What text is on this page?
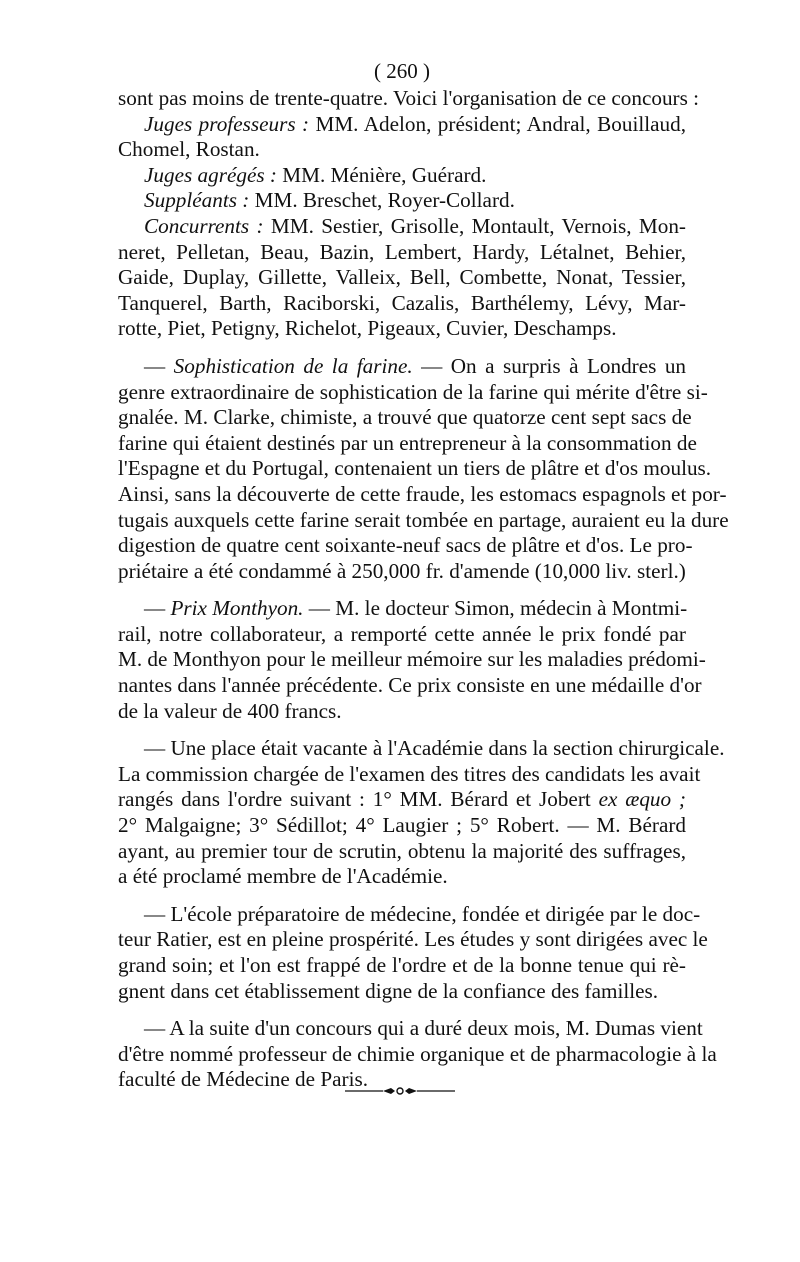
( 260 )
sont pas moins de trente-quatre. Voici l'organisation de ce concours :
Juges professeurs : MM. Adelon, président; Andral, Bouillaud,
Chomel, Rostan.
Juges agrégés : MM. Ménière, Guérard.
Suppléants : MM. Breschet, Royer-Collard.
Concurrents : MM. Sestier, Grisolle, Montault, Vernois, Mon-
neret, Pelletan, Beau, Bazin, Lembert, Hardy, Létalnet, Behier,
Gaide, Duplay, Gillette, Valleix, Bell, Combette, Nonat, Tessier,
Tanquerel, Barth, Raciborski, Cazalis, Barthélemy, Lévy, Mar-
rotte, Piet, Petigny, Richelot, Pigeaux, Cuvier, Deschamps.
— Sophistication de la farine. — On a surpris à Londres un
genre extraordinaire de sophistication de la farine qui mérite d'être si-
gnalée. M. Clarke, chimiste, a trouvé que quatorze cent sept sacs de
farine qui étaient destinés par un entrepreneur à la consommation de
l'Espagne et du Portugal, contenaient un tiers de plâtre et d'os moulus.
Ainsi, sans la découverte de cette fraude, les estomacs espagnols et por-
tugais auxquels cette farine serait tombée en partage, auraient eu la dure
digestion de quatre cent soixante-neuf sacs de plâtre et d'os. Le pro-
priétaire a été condammé à 250,000 fr. d'amende (10,000 liv. sterl.)
— Prix Monthyon. — M. le docteur Simon, médecin à Montmi-
rail, notre collaborateur, a remporté cette année le prix fondé par
M. de Monthyon pour le meilleur mémoire sur les maladies prédomi-
nantes dans l'année précédente. Ce prix consiste en une médaille d'or
de la valeur de 400 francs.
— Une place était vacante à l'Académie dans la section chirurgicale.
La commission chargée de l'examen des titres des candidats les avait
rangés dans l'ordre suivant : 1° MM. Bérard et Jobert ex æquo ;
2° Malgaigne; 3° Sédillot; 4° Laugier ; 5° Robert. — M. Bérard
ayant, au premier tour de scrutin, obtenu la majorité des suffrages,
a été proclamé membre de l'Académie.
— L'école préparatoire de médecine, fondée et dirigée par le doc-
teur Ratier, est en pleine prospérité. Les études y sont dirigées avec le
grand soin; et l'on est frappé de l'ordre et de la bonne tenue qui rè-
gnent dans cet établissement digne de la confiance des familles.
— A la suite d'un concours qui a duré deux mois, M. Dumas vient
d'être nommé professeur de chimie organique et de pharmacologie à la
faculté de Médecine de Paris.
